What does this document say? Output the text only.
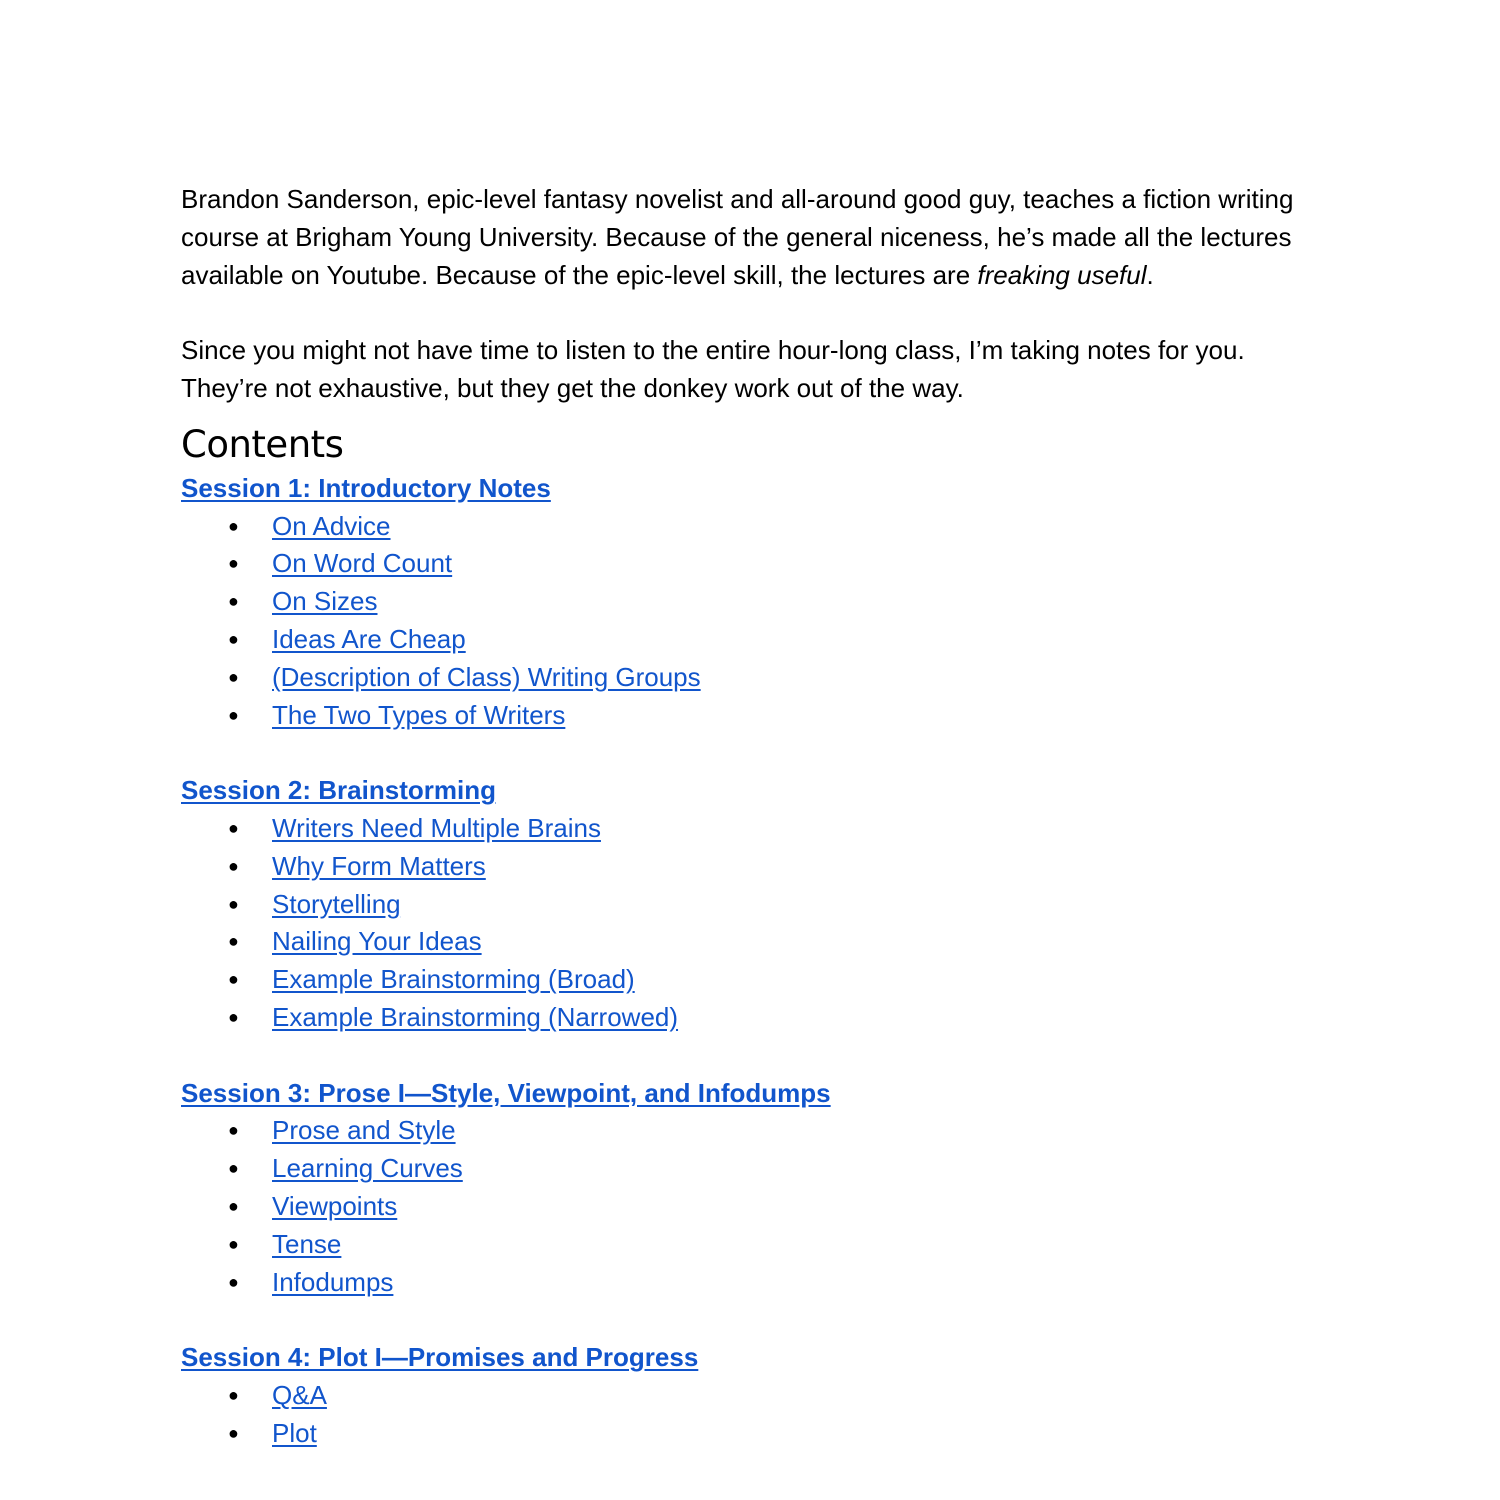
Brandon Sanderson, epic-level fantasy novelist and all-around good guy, teaches a fiction writing course at Brigham Young University. Because of the general niceness, he’s made all the lectures available on Youtube. Because of the epic-level skill, the lectures are freaking useful.

Since you might not have time to listen to the entire hour-long class, I’m taking notes for you. They’re not exhaustive, but they get the donkey work out of the way.

Contents
Session 1: Introductory Notes
● On Advice
● On Word Count
● On Sizes
● Ideas Are Cheap
● (Description of Class) Writing Groups
● The Two Types of Writers
Session 2: Brainstorming
● Writers Need Multiple Brains
● Why Form Matters
● Storytelling
● Nailing Your Ideas
● Example Brainstorming (Broad)
● Example Brainstorming (Narrowed)
Session 3: Prose I—Style, Viewpoint, and Infodumps
● Prose and Style
● Learning Curves
● Viewpoints
● Tense
● Infodumps
Session 4: Plot I—Promises and Progress
● Q&A
● Plot
